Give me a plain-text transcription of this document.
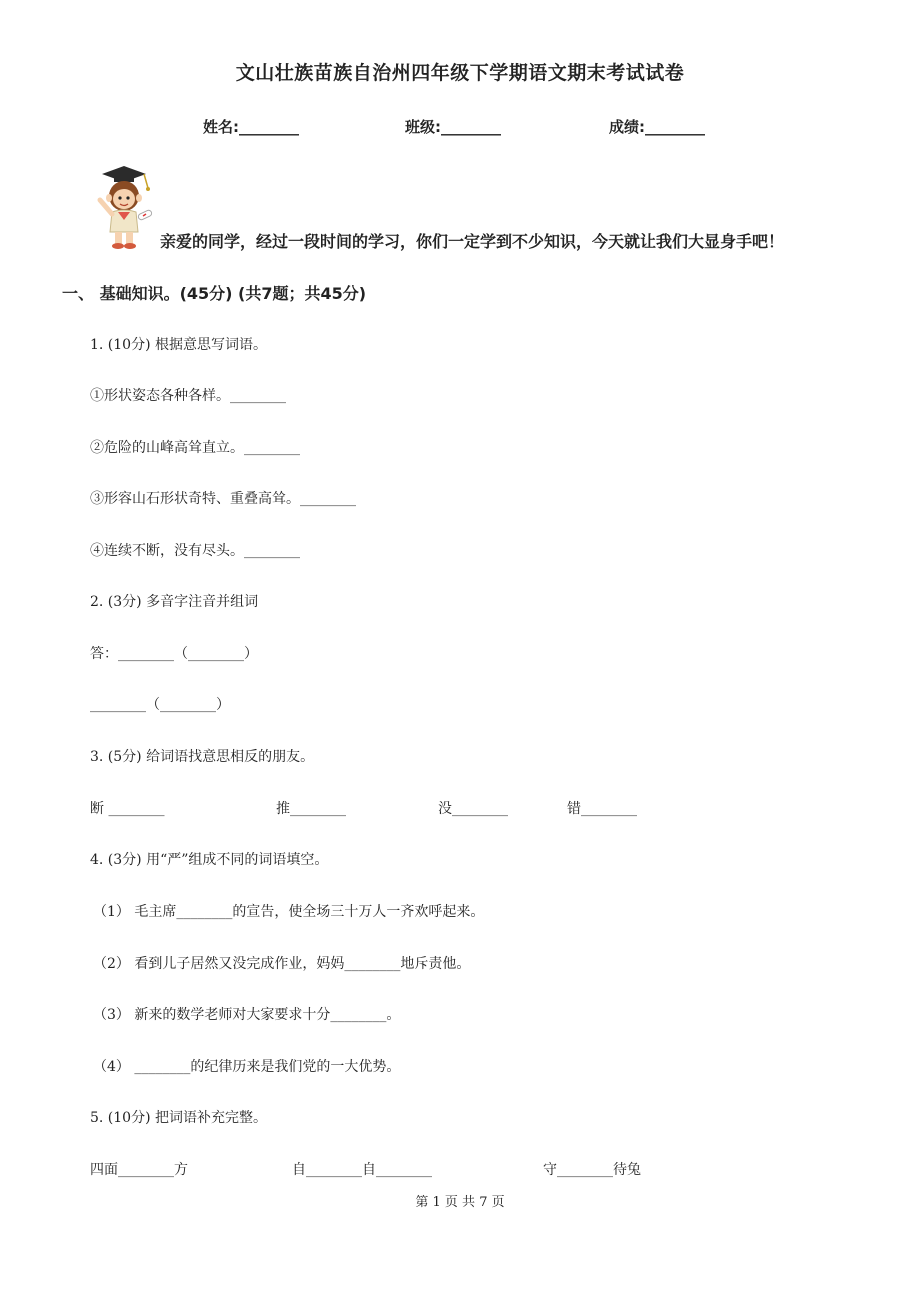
文山壮族苗族自治州四年级下学期语文期末考试试卷
姓名:________	班级:________	成绩:________
亲爱的同学，经过一段时间的学习，你们一定学到不少知识，今天就让我们大显身手吧！
一、 基础知识。(45分) (共7题；共45分)
1. (10分) 根据意思写词语。
①形状姿态各种各样。________
②危险的山峰高耸直立。________
③形容山石形状奇特、重叠高耸。________
④连续不断，没有尽头。________
2. (3分) 多音字注音并组词
答：________（________）
________（________）
3. (5分) 给词语找意思相反的朋友。
断 ________	推________	没________	错________
4. (3分) 用“严”组成不同的词语填空。
（1） 毛主席________的宣告，使全场三十万人一齐欢呼起来。
（2） 看到儿子居然又没完成作业，妈妈________地斥责他。
（3） 新来的数学老师对大家要求十分________。
（4） ________的纪律历来是我们党的一大优势。
5. (10分) 把词语补充完整。
四面________方	自________自________	守________待兔
第 1 页 共 7 页
